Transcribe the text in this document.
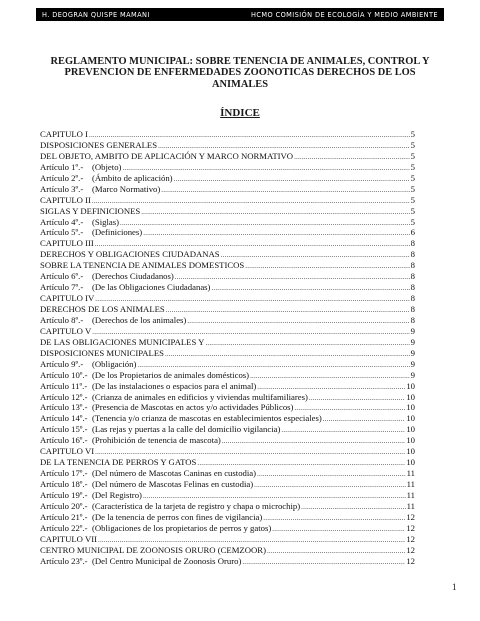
H. DEOGRAN QUISPE MAMANI	HCMO COMISIÓN DE ECOLOGÍA Y MEDIO AMBIENTE
REGLAMENTO MUNICIPAL: SOBRE TENENCIA DE ANIMALES, CONTROL Y PREVENCION DE ENFERMEDADES ZOONOTICAS DERECHOS DE LOS ANIMALES
ÍNDICE
CAPITULO I .....	5
DISPOSICIONES GENERALES .....	5
DEL OBJETO, AMBITO DE APLICACIÓN Y MARCO NORMATIVO .....	5
Artículo 1º.- (Objeto) .....	5
Artículo 2º.- (Ámbito de aplicación) .....	5
Artículo 3º.- (Marco Normativo) .....	5
CAPITULO II .....	5
SIGLAS Y DEFINICIONES .....	5
Artículo 4º.- (Siglas) .....	5
Artículo 5º.- (Definiciones) .....	6
CAPITULO III .....	8
DERECHOS Y OBLIGACIONES CIUDADANAS .....	8
SOBRE LA TENENCIA DE ANIMALES DOMESTICOS .....	8
Artículo 6º.- (Derechos Ciudadanos) .....	8
Artículo 7º.- (De las Obligaciones Ciudadanas) .....	8
CAPITULO IV .....	8
DERECHOS DE LOS ANIMALES .....	8
Artículo 8º.- (Derechos de los animales) .....	8
CAPITULO V .....	9
DE LAS OBLIGACIONES MUNICIPALES Y .....	9
DISPOSICIONES MUNICIPALES .....	9
Artículo 9º.- (Obligación) .....	9
Artículo 10º.- (De los Propietarios de animales domésticos) .....	9
Artículo 11º.- (De las instalaciones o espacios para el animal) .....	10
Artículo 12º.- (Crianza de animales en edificios y viviendas multifamiliares) .....	10
Artículo 13º.- (Presencia de Mascotas en actos y/o actividades Públicos) .....	10
Artículo 14º.- (Tenencia y/o crianza de mascotas en establecimientos especiales) .....	10
Artículo 15º.- (Las rejas y puertas a la calle del domicilio vigilancia) .....	10
Artículo 16º.- (Prohibición de tenencia de mascota) .....	10
CAPITULO VI .....	10
DE LA TENENCIA DE PERROS Y GATOS .....	10
Artículo 17º.- (Del número de Mascotas Caninas en custodia) .....	11
Artículo 18º.- (Del número de Mascotas Felinas en custodia) .....	11
Artículo 19º.- (Del Registro) .....	11
Artículo 20º.- (Característica de la tarjeta de registro y chapa o microchip) .....	11
Artículo 21º.- (De la tenencia de perros con fines de vigilancia) .....	12
Artículo 22º.- (Obligaciones de los propietarios de perros y gatos) .....	12
CAPITULO VII .....	12
CENTRO MUNICIPAL DE ZOONOSIS ORURO (CEMZOOR) .....	12
Artículo 23º.- (Del Centro Municipal de Zoonosis Oruro) .....	12
1
